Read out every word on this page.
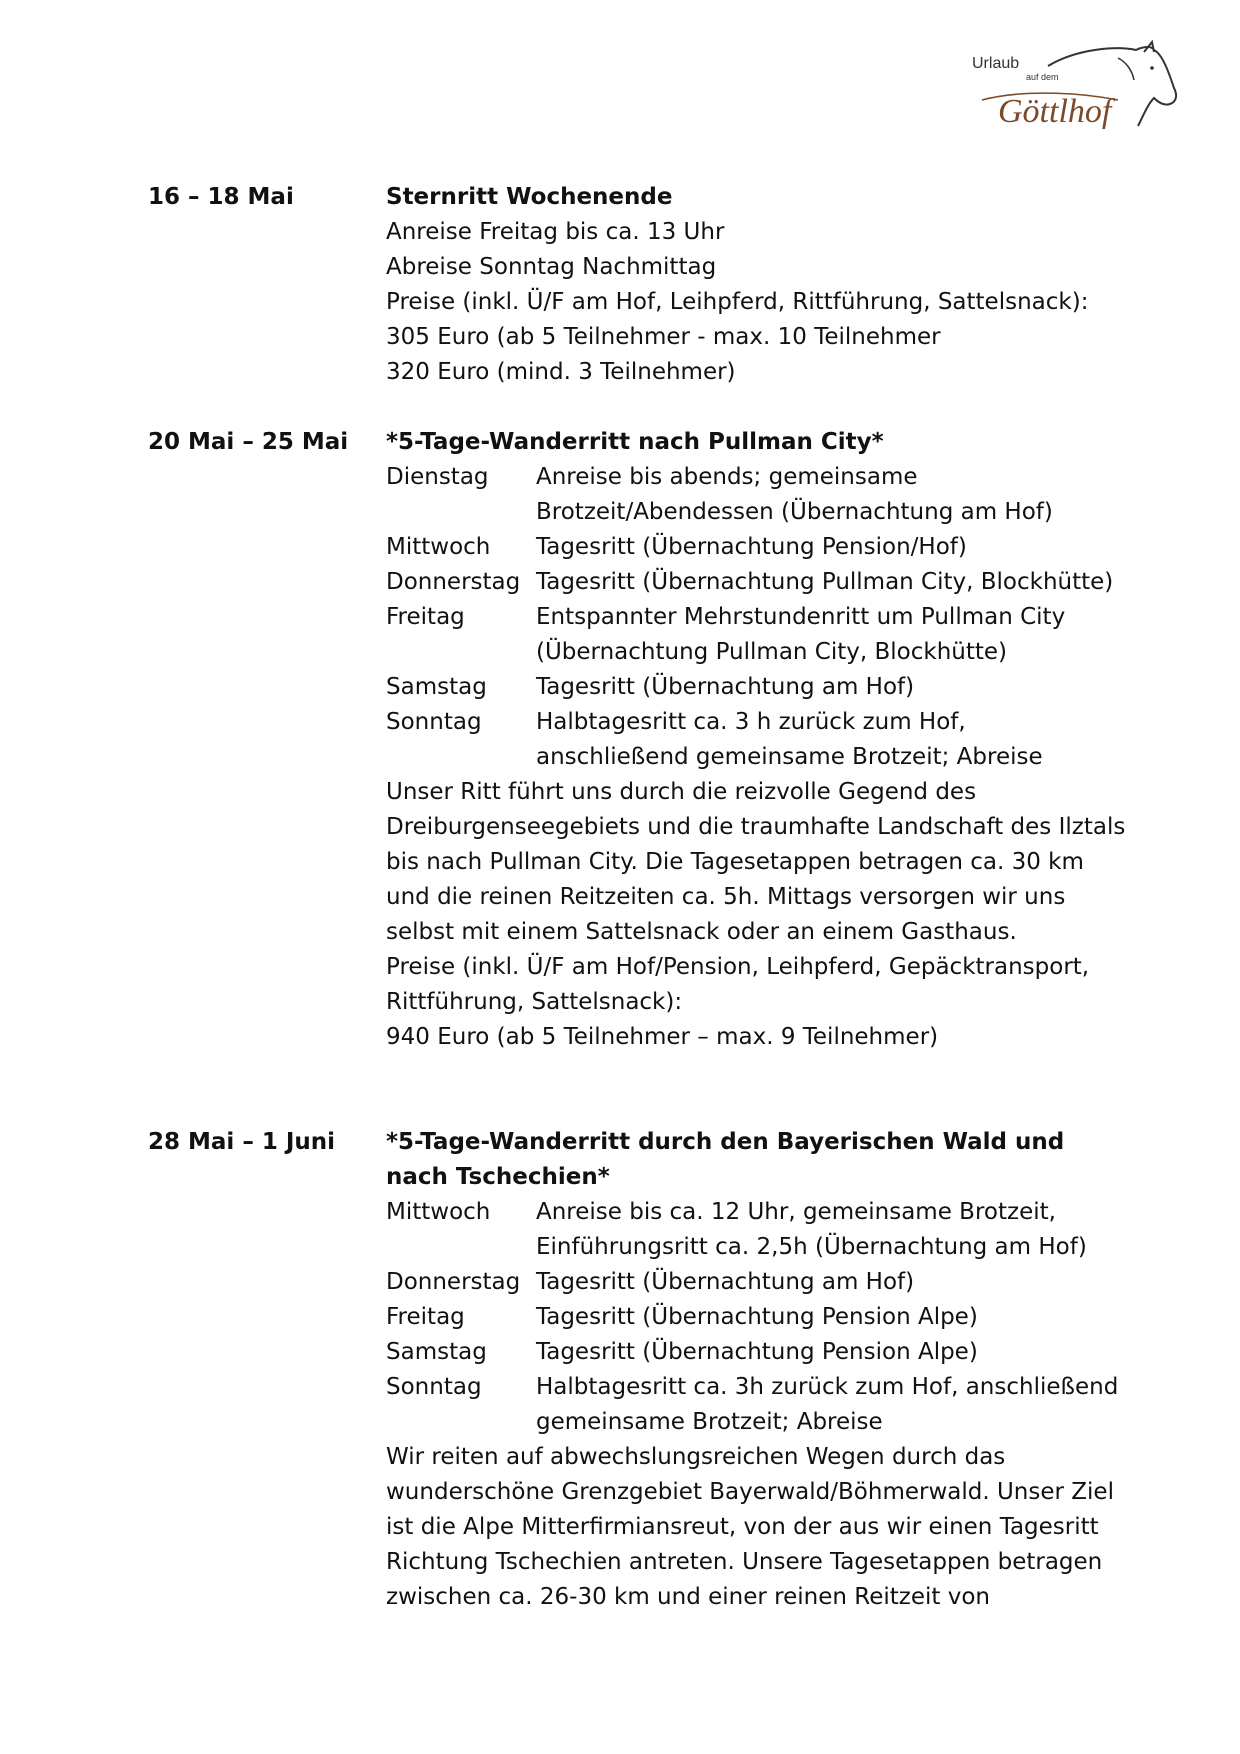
Urlaub
auf dem
Göttlhof
16 – 18 Mai	Sternritt Wochenende
Anreise Freitag bis ca. 13 Uhr
Abreise Sonntag Nachmittag
Preise (inkl. Ü/F am Hof, Leihpferd, Rittführung, Sattelsnack):
305 Euro (ab 5 Teilnehmer - max. 10 Teilnehmer
320 Euro (mind. 3 Teilnehmer)
20 Mai – 25 Mai	*5-Tage-Wanderritt nach Pullman City*
Dienstag	Anreise bis abends; gemeinsame
Brotzeit/Abendessen (Übernachtung am Hof)
Mittwoch	Tagesritt (Übernachtung Pension/Hof)
Donnerstag Tagesritt (Übernachtung Pullman City, Blockhütte)
Freitag	Entspannter Mehrstundenritt um Pullman City
(Übernachtung Pullman City, Blockhütte)
Samstag	Tagesritt (Übernachtung am Hof)
Sonntag	Halbtagesritt ca. 3 h zurück zum Hof,
anschließend gemeinsame Brotzeit; Abreise
Unser Ritt führt uns durch die reizvolle Gegend des Dreiburgenseegebiets und die traumhafte Landschaft des Ilztals bis nach Pullman City. Die Tagesetappen betragen ca. 30 km und die reinen Reitzeiten ca. 5h. Mittags versorgen wir uns selbst mit einem Sattelsnack oder an einem Gasthaus.
Preise (inkl. Ü/F am Hof/Pension, Leihpferd, Gepäcktransport, Rittführung, Sattelsnack):
940 Euro (ab 5 Teilnehmer – max. 9 Teilnehmer)
28 Mai – 1 Juni	*5-Tage-Wanderritt durch den Bayerischen Wald und nach Tschechien*
Mittwoch	Anreise bis ca. 12 Uhr, gemeinsame Brotzeit,
Einführungsritt ca. 2,5h (Übernachtung am Hof)
Donnerstag Tagesritt (Übernachtung am Hof)
Freitag	Tagesritt (Übernachtung Pension Alpe)
Samstag	Tagesritt (Übernachtung Pension Alpe)
Sonntag	Halbtagesritt ca. 3h zurück zum Hof, anschließend
gemeinsame Brotzeit; Abreise
Wir reiten auf abwechslungsreichen Wegen durch das wunderschöne Grenzgebiet Bayerwald/Böhmerwald. Unser Ziel ist die Alpe Mitterfirmiansreut, von der aus wir einen Tagesritt Richtung Tschechien antreten. Unsere Tagesetappen betragen zwischen ca. 26-30 km und einer reinen Reitzeit von
